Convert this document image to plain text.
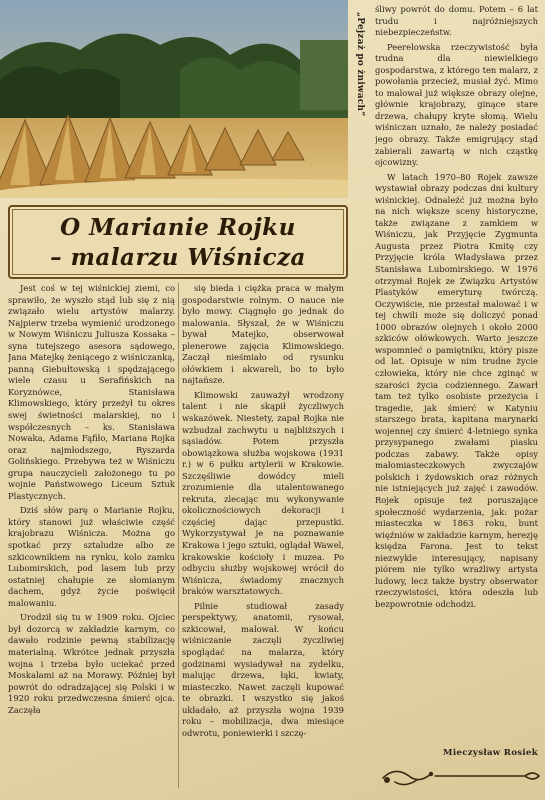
„Pejzaż po żniwach”
O Marianie Rojku
– malarzu Wiśnicza

Jest coś w tej wiśnickiej ziemi, co sprawiło, że wyszło stąd lub się z nią związało wielu artystów malarzy. Najpierw trzeba wymienić urodzonego w Nowym Wiśniczu Juliusza Kossaka – syna tutejszego asesora sądowego, Jana Matejkę żeniącego z wiśniczanką, panną Giebułtowską i spędzającego wiele czasu u Serafińskich na Koryznówce, Stanisława Klimowskiego, który przeżył tu okres swej świetności malarskiej, no i współczesnych – ks. Stanisława Nowaka, Adama Fąfiło, Mariana Rojka oraz najmłodszego, Ryszarda Golińskiego. Przebywa też w Wiśniczu grupa nauczycieli założonego tu po wojnie Państwowego Liceum Sztuk Plastycznych.

Dziś słów parę o Marianie Rojku, który stanowi już właściwie część krajobrazu Wiśnicza. Można go spotkać przy sztaludze albo ze szkicownikiem na rynku, kolo zamku Lubomirskich, pod lasem lub przy ostatniej chałupie ze słomianym dachem, gdyż życie poświęcił malowaniu.

Urodził się tu w 1909 roku. Ojciec był dozorcą w zakładzie karnym, co dawało rodzinie pewną stabilizację materialną. Wkrótce jednak przyszła wojna i trzeba było uciekać przed Moskalami aż na Morawy. Później był powrót do odradzającej się Polski i w 1920 roku przedwczesna śmierć ojca. Zaczęła

się bieda i ciężka praca w małym gospodarstwie rolnym. O nauce nie było mowy. Ciągnęło go jednak do malowania. Słyszał, że w Wiśniczu bywał Matejko, obserwował plenerowe zajęcia Klimowskiego. Zaczął nieśmiało od rysunku ołówkiem i akwareli, bo to było najtańsze.

Klimowski zauważył wrodzony talent i nie skąpił życzliwych wskazówek. Niestety, zapał Rojka nie wzbudzał zachwytu u najbliższych i sąsiadów. Potem przyszła obowiązkowa służba wojskowa (1931 r.) w 6 pułku artylerii w Krakowie. Szczęśliwie dowódcy mieli zrozumienie dla utalentowanego rekruta, zlecając mu wykonywanie okolicznościowych dekoracji i częściej dając przepustki. Wykorzystywał je na poznawanie Krakowa i jego sztuki, oglądał Wawel, krakowskie kościoły i muzea. Po odbyciu służby wojskowej wrócił do Wiśnicza, świadomy znacznych braków warsztatowych.

Pilnie studiował zasady perspektywy, anatomii, rysował, szkicował, malował. W końcu wiśniczanie zaczęli życzliwiej spoglądać na malarza, który godzinami wysiadywał na zydelku, malując drzewa, łąki, kwiaty, miasteczko. Nawet zaczęli kupować te obrazki. I wszystko się jakoś układało, aż przyszła wojna 1939 roku – mobilizacja, dwa miesiące odwrotu, poniewierki i szczę-

śliwy powrót do domu. Potem – 6 lat trudu i najróżniejszych niebezpieczeństw.

Peerelowska rzeczywistość była trudna dla niewielkiego gospodarstwa, z którego ten malarz, z powołania przecież, musiał żyć. Mimo to malował już większe obrazy olejne, głównie krajobrazy, ginące stare drzewa, chałupy kryte słomą. Wielu wiśniczan uznało, że należy posiadać jego obrazy. Także emigrujący stąd zabierali zawartą w nich cząstkę ojcowizny.

W latach 1970–80 Rojek zawsze wystawiał obrazy podczas dni kultury wiśnickiej. Odnaleźć już można było na nich większe sceny historyczne, także związane z zamkiem w Wiśniczu, jak Przyjęcie Zygmunta Augusta przez Piotra Kmitę czy Przyjęcie króla Władysława przez Stanisława Lubomirskiego. W 1976 otrzymał Rojek ze Związku Artystów Plastyków emeryturę twórczą. Oczywiście, nie przestał malować i w tej chwili może się doliczyć ponad 1000 obrazów olejnych i około 2000 szkiców ołówkowych. Warto jeszcze wspomnieć o pamiętniku, który pisze od lat. Opisuje w nim trudne życie człowieka, który nie chce zginąć w szarości życia codziennego. Zawarł tam też tylko osobiste przeżycia i tragedie, jak śmierć w Katyniu starszego brata, kapitana marynarki wojennej czy śmierć 4-letniego synka przysypanego zwałami piasku podczas zabawy. Także opisy małomiasteczkowych zwyczajów polskich i żydowskich oraz różnych nie istniejących już zajęć i zawodów. Rojek opisuje też poruszające społeczność wydarzenia, jak: pożar miasteczka w 1863 roku, bunt więźniów w zakładzie karnym, herezję księdza Farona. Jest to tekst niezwykle interesujący, napisany piórem nie tylko wrażliwy artysta ludowy, lecz także bystry obserwator rzeczywistości, która odeszła lub bezpowrotnie odchodzi.

Mieczysław Rosiek
